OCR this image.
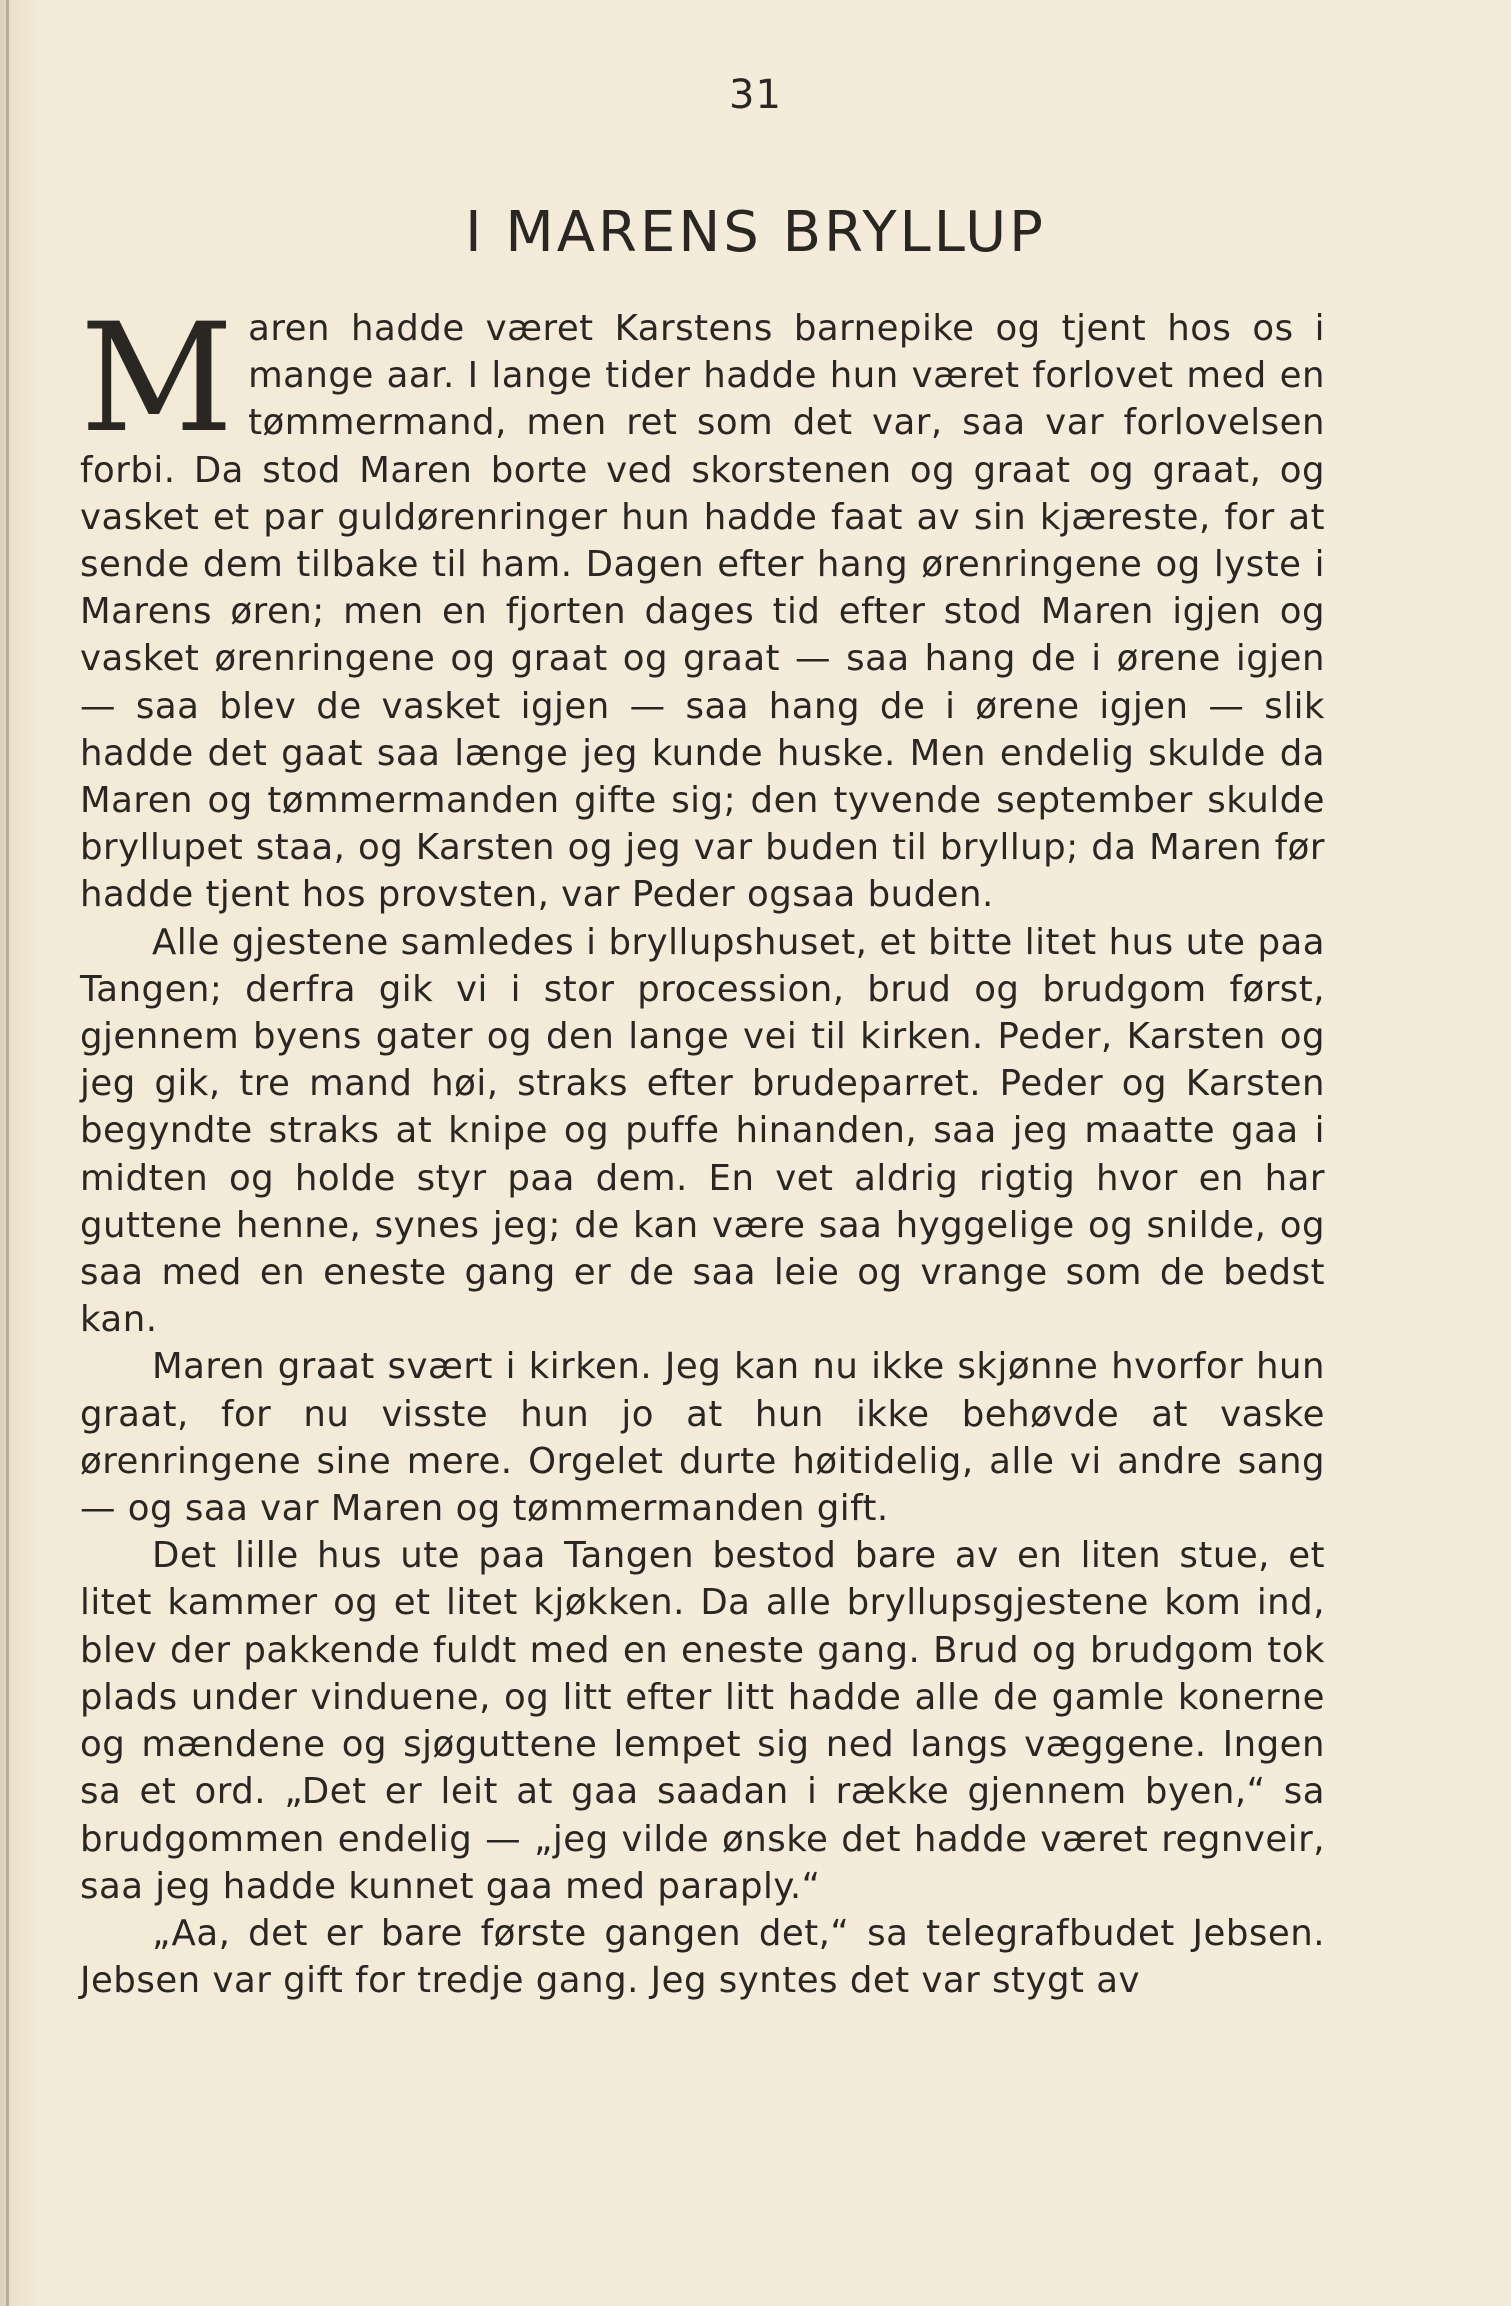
31
I MARENS BRYLLUP

Maren hadde været Karstens barnepike og tjent hos os i mange aar. I lange tider hadde hun været forlovet med en tømmermand, men ret som det var, saa var forlovelsen forbi. Da stod Maren borte ved skorstenen og graat og graat, og vasket et par guldørenringer hun hadde faat av sin kjæreste, for at sende dem tilbake til ham. Dagen efter hang ørenringene og lyste i Marens øren; men en fjorten dages tid efter stod Maren igjen og vasket ørenringene og graat og graat — saa hang de i ørene igjen — saa blev de vasket igjen — saa hang de i ørene igjen — slik hadde det gaat saa længe jeg kunde huske. Men endelig skulde da Maren og tømmermanden gifte sig; den tyvende september skulde bryllupet staa, og Karsten og jeg var buden til bryllup; da Maren før hadde tjent hos provsten, var Peder ogsaa buden.

Alle gjestene samledes i bryllupshuset, et bitte litet hus ute paa Tangen; derfra gik vi i stor procession, brud og brudgom først, gjennem byens gater og den lange vei til kirken. Peder, Karsten og jeg gik, tre mand høi, straks efter brudeparret. Peder og Karsten begyndte straks at knipe og puffe hinanden, saa jeg maatte gaa i midten og holde styr paa dem. En vet aldrig rigtig hvor en har guttene henne, synes jeg; de kan være saa hyggelige og snilde, og saa med en eneste gang er de saa leie og vrange som de bedst kan.

Maren graat svært i kirken. Jeg kan nu ikke skjønne hvorfor hun graat, for nu visste hun jo at hun ikke behøvde at vaske ørenringene sine mere. Orgelet durte høitidelig, alle vi andre sang — og saa var Maren og tømmermanden gift.

Det lille hus ute paa Tangen bestod bare av en liten stue, et litet kammer og et litet kjøkken. Da alle bryllupsgjestene kom ind, blev der pakkende fuldt med en eneste gang. Brud og brudgom tok plads under vinduene, og litt efter litt hadde alle de gamle konerne og mændene og sjøguttene lempet sig ned langs væggene. Ingen sa et ord. „Det er leit at gaa saadan i række gjennem byen,“ sa brudgommen endelig — „jeg vilde ønske det hadde været regnveir, saa jeg hadde kunnet gaa med paraply.“

„Aa, det er bare første gangen det,“ sa telegrafbudet Jebsen. Jebsen var gift for tredje gang. Jeg syntes det var stygt av
